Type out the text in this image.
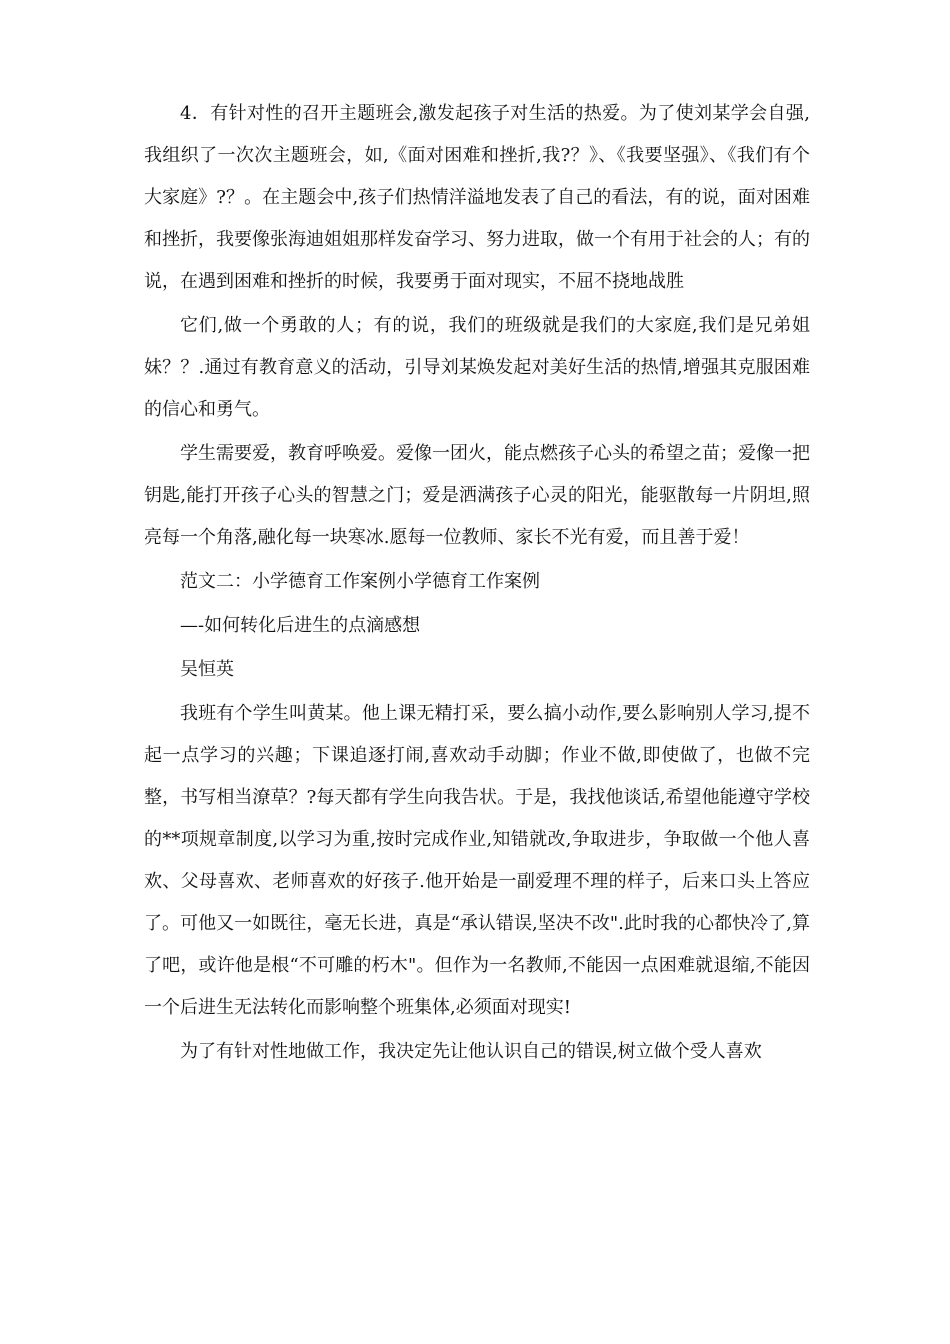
4．有针对性的召开主题班会,激发起孩子对生活的热爱。为了使刘某学会自强,我组织了一次次主题班会，如,《面对困难和挫折,我?？》、《我要坚强》、《我们有个大家庭》?？。在主题会中,孩子们热情洋溢地发表了自己的看法，有的说，面对困难和挫折，我要像张海迪姐姐那样发奋学习、努力进取，做一个有用于社会的人；有的说，在遇到困难和挫折的时候，我要勇于面对现实，不屈不挠地战胜

它们,做一个勇敢的人；有的说，我们的班级就是我们的大家庭,我们是兄弟姐妹？？.通过有教育意义的活动，引导刘某焕发起对美好生活的热情,增强其克服困难的信心和勇气。

学生需要爱，教育呼唤爱。爱像一团火，能点燃孩子心头的希望之苗；爱像一把钥匙,能打开孩子心头的智慧之门；爱是洒满孩子心灵的阳光，能驱散每一片阴坦,照亮每一个角落,融化每一块寒冰.愿每一位教师、家长不光有爱，而且善于爱！

范文二：小学德育工作案例小学德育工作案例

—-如何转化后进生的点滴感想

吴恒英

我班有个学生叫黄某。他上课无精打采，要么搞小动作,要么影响别人学习,提不起一点学习的兴趣；下课追逐打闹,喜欢动手动脚；作业不做,即使做了，也做不完整，书写相当潦草？?每天都有学生向我告状。于是，我找他谈话,希望他能遵守学校的**项规章制度,以学习为重,按时完成作业,知错就改,争取进步，争取做一个他人喜欢、父母喜欢、老师喜欢的好孩子.他开始是一副爱理不理的样子，后来口头上答应了。可他又一如既往，毫无长进，真是“承认错误,坚决不改".此时我的心都快冷了,算了吧，或许他是根“不可雕的朽木"。但作为一名教师,不能因一点困难就退缩,不能因一个后进生无法转化而影响整个班集体,必须面对现实!

为了有针对性地做工作，我决定先让他认识自己的错误,树立做个受人喜欢
